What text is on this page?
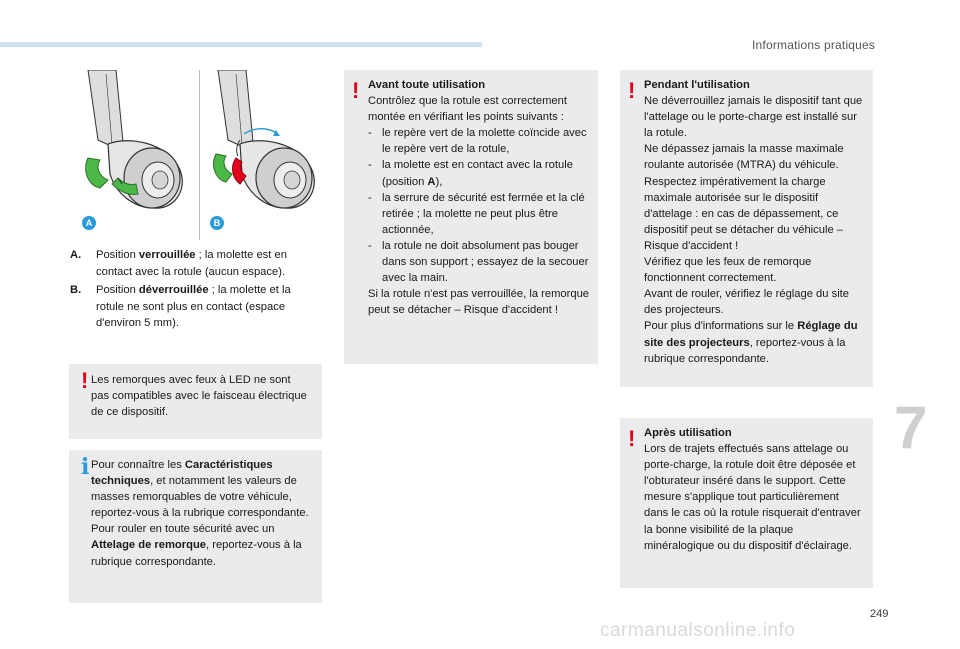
Informations pratiques
A	B
A.	Position verrouillée ; la molette est en contact avec la rotule (aucun espace).
B.	Position déverrouillée ; la molette et la rotule ne sont plus en contact (espace d'environ 5 mm).
! Les remorques avec feux à LED ne sont pas compatibles avec le faisceau électrique de ce dispositif.
i Pour connaître les Caractéristiques techniques, et notamment les valeurs de masses remorquables de votre véhicule, reportez-vous à la rubrique correspondante.
Pour rouler en toute sécurité avec un Attelage de remorque, reportez-vous à la rubrique correspondante.
! Avant toute utilisation
Contrôlez que la rotule est correctement montée en vérifiant les points suivants :
- le repère vert de la molette coïncide avec le repère vert de la rotule,
- la molette est en contact avec la rotule (position A),
- la serrure de sécurité est fermée et la clé retirée ; la molette ne peut plus être actionnée,
- la rotule ne doit absolument pas bouger dans son support ; essayez de la secouer avec la main.
Si la rotule n'est pas verrouillée, la remorque peut se détacher – Risque d'accident !
! Pendant l'utilisation
Ne déverrouillez jamais le dispositif tant que l'attelage ou le porte-charge est installé sur la rotule.
Ne dépassez jamais la masse maximale roulante autorisée (MTRA) du véhicule.
Respectez impérativement la charge maximale autorisée sur le dispositif d'attelage : en cas de dépassement, ce dispositif peut se détacher du véhicule – Risque d'accident !
Vérifiez que les feux de remorque fonctionnent correctement.
Avant de rouler, vérifiez le réglage du site des projecteurs.
Pour plus d'informations sur le Réglage du site des projecteurs, reportez-vous à la rubrique correspondante.
! Après utilisation
Lors de trajets effectués sans attelage ou porte-charge, la rotule doit être déposée et l'obturateur inséré dans le support. Cette mesure s'applique tout particulièrement dans le cas où la rotule risquerait d'entraver la bonne visibilité de la plaque minéralogique ou du dispositif d'éclairage.
7
249
carmanualsonline.info
